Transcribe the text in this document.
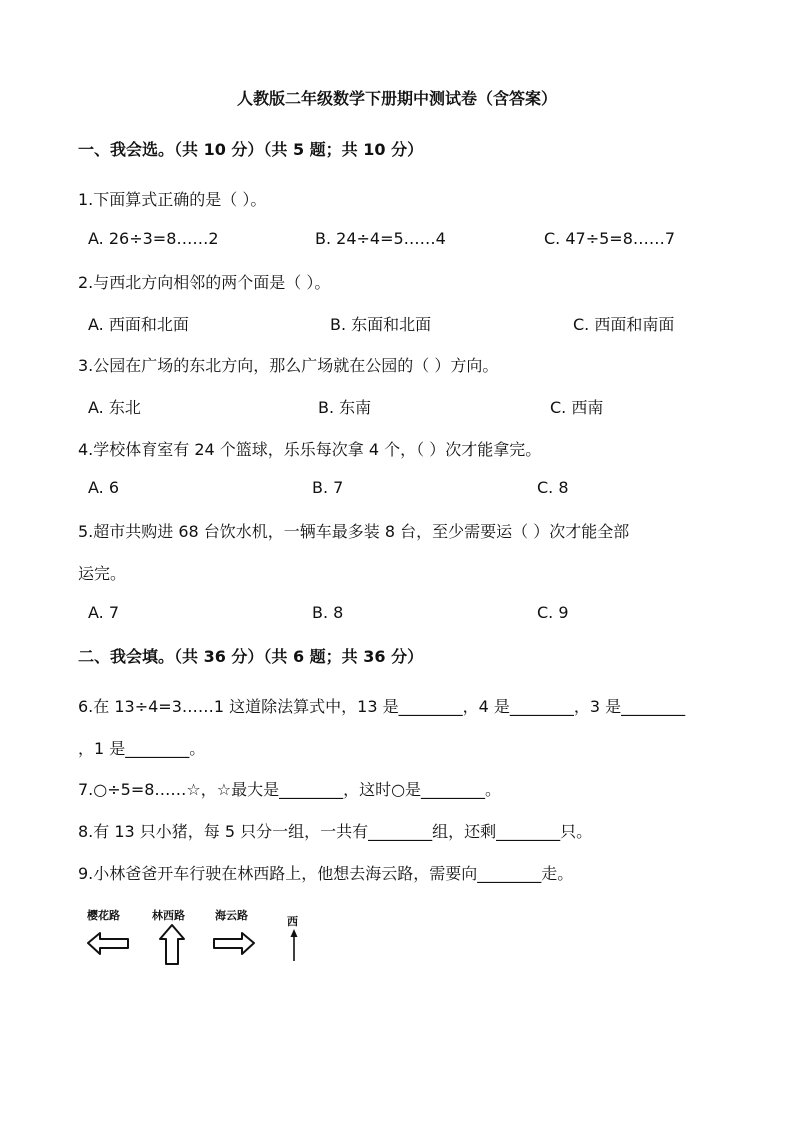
人教版二年级数学下册期中测试卷（含答案）
一、我会选。（共 10 分）（共 5 题；共 10 分）
1.下面算式正确的是（ ）。
A. 26÷3=8……2	B. 24÷4=5……4	C. 47÷5=8……7
2.与西北方向相邻的两个面是（ ）。
A. 西面和北面	B. 东面和北面	C. 西面和南面
3.公园在广场的东北方向，那么广场就在公园的（ ）方向。
A. 东北	B. 东南	C. 西南
4.学校体育室有 24 个篮球，乐乐每次拿 4 个，（ ）次才能拿完。
A. 6	B. 7	C. 8
5.超市共购进 68 台饮水机，一辆车最多装 8 台，至少需要运（ ）次才能全部
运完。
A. 7	B. 8	C. 9
二、我会填。（共 36 分）（共 6 题；共 36 分）
6.在 13÷4=3……1 这道除法算式中，13 是________，4 是________，3 是________
，1 是________。
7.○÷5=8……☆，☆最大是________，这时○是________。
8.有 13 只小猪，每 5 只分一组，一共有________组，还剩________只。
9.小林爸爸开车行驶在林西路上，他想去海云路，需要向________走。
樱花路	林西路	海云路	西
